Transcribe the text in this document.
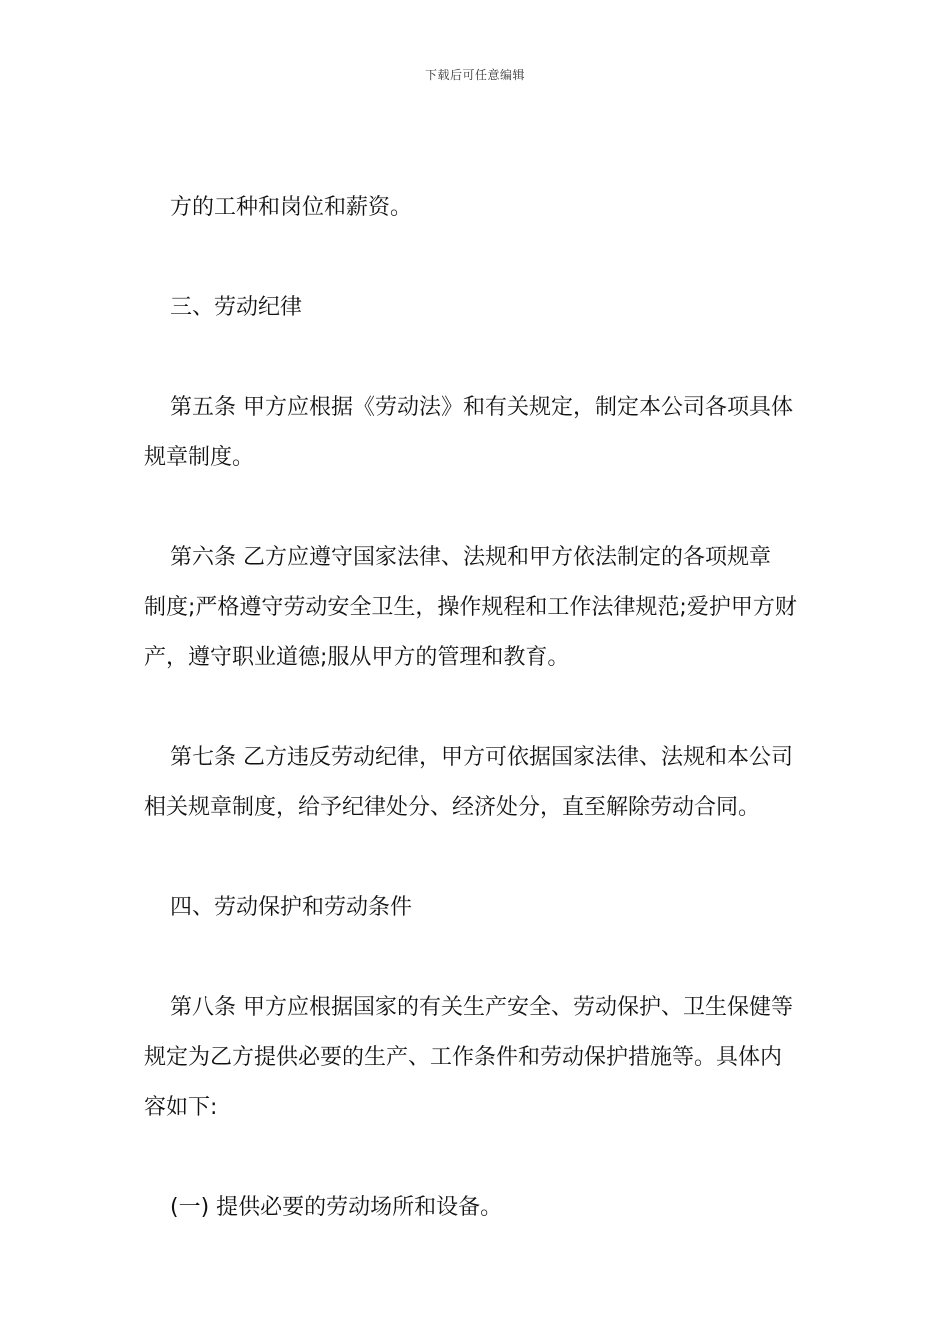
下载后可任意编辑

方的工种和岗位和薪资。

三、劳动纪律

第五条 甲方应根据《劳动法》和有关规定，制定本公司各项具体
规章制度。

第六条 乙方应遵守国家法律、法规和甲方依法制定的各项规章
制度;严格遵守劳动安全卫生，操作规程和工作法律规范;爱护甲方财
产，遵守职业道德;服从甲方的管理和教育。

第七条 乙方违反劳动纪律，甲方可依据国家法律、法规和本公司
相关规章制度，给予纪律处分、经济处分，直至解除劳动合同。

四、劳动保护和劳动条件

第八条 甲方应根据国家的有关生产安全、劳动保护、卫生保健等
规定为乙方提供必要的生产、工作条件和劳动保护措施等。具体内
容如下:

(一) 提供必要的劳动场所和设备。
